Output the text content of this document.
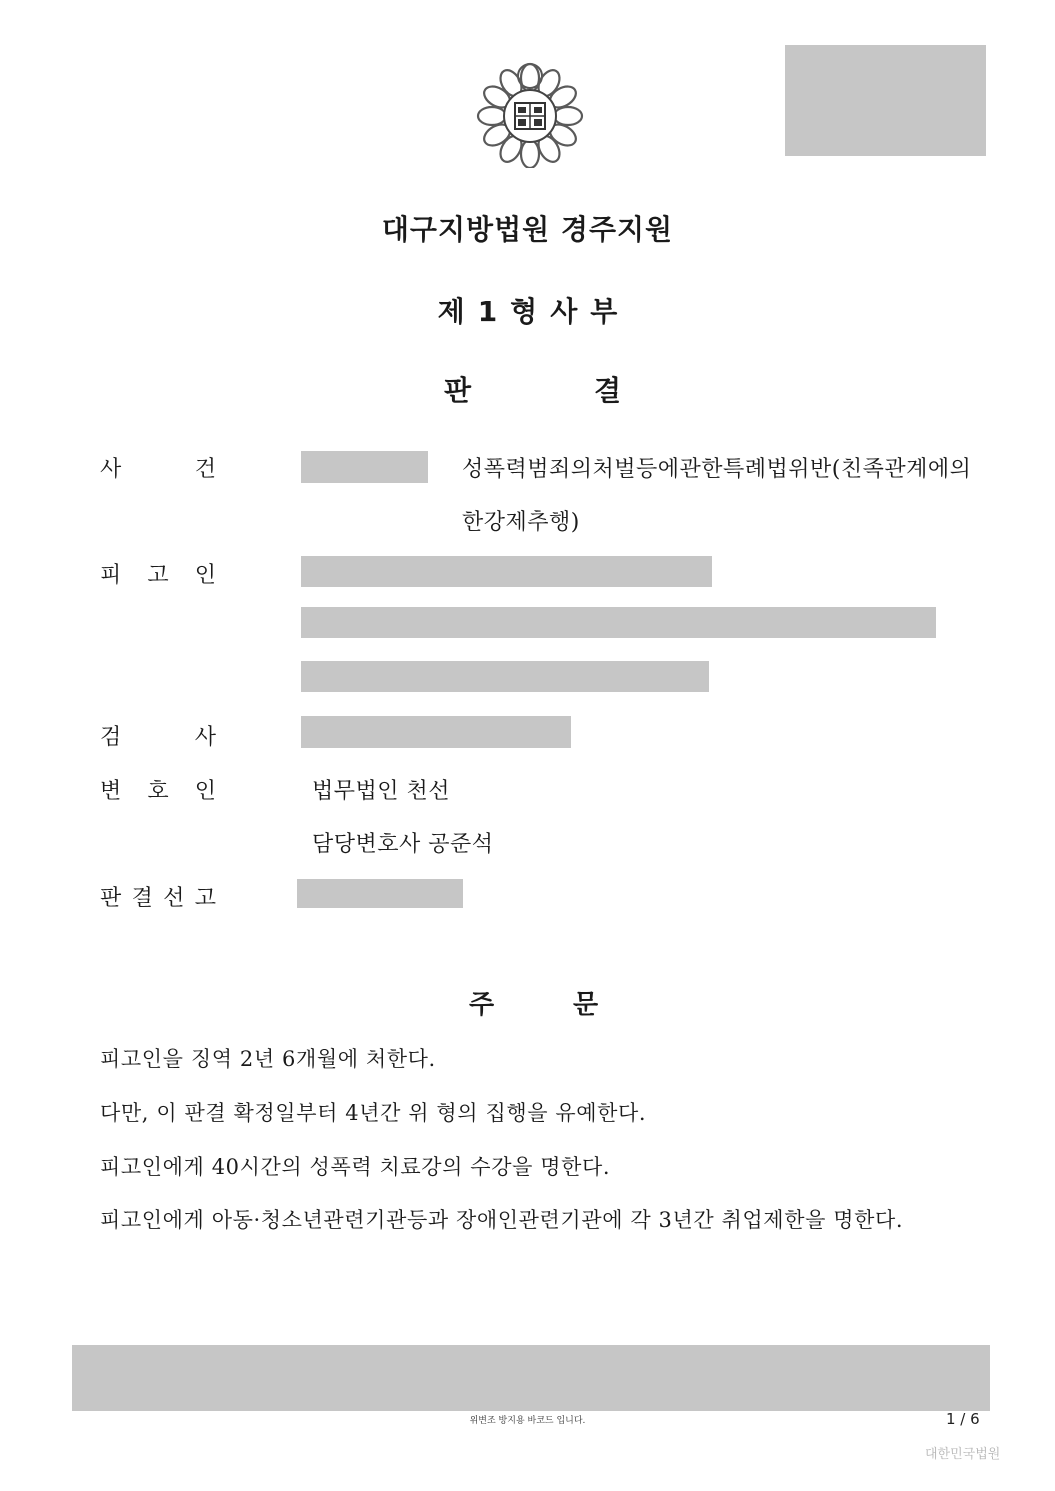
대구지방법원 경주지원
제1형사부
판	결
사	건	성폭력범죄의처벌등에관한특례법위반(친족관계에의
한강제추행)
피 고 인
검	사
변 호 인	법무법인 천선
담당변호사 공준석
판 결 선 고
주	문
피고인을 징역 2년 6개월에 처한다.
다만, 이 판결 확정일부터 4년간 위 형의 집행을 유예한다.
피고인에게 40시간의 성폭력 치료강의 수강을 명한다.
피고인에게 아동·청소년관련기관등과 장애인관련기관에 각 3년간 취업제한을 명한다.
위변조 방지용 바코드 입니다.	1 / 6
대한민국법원
